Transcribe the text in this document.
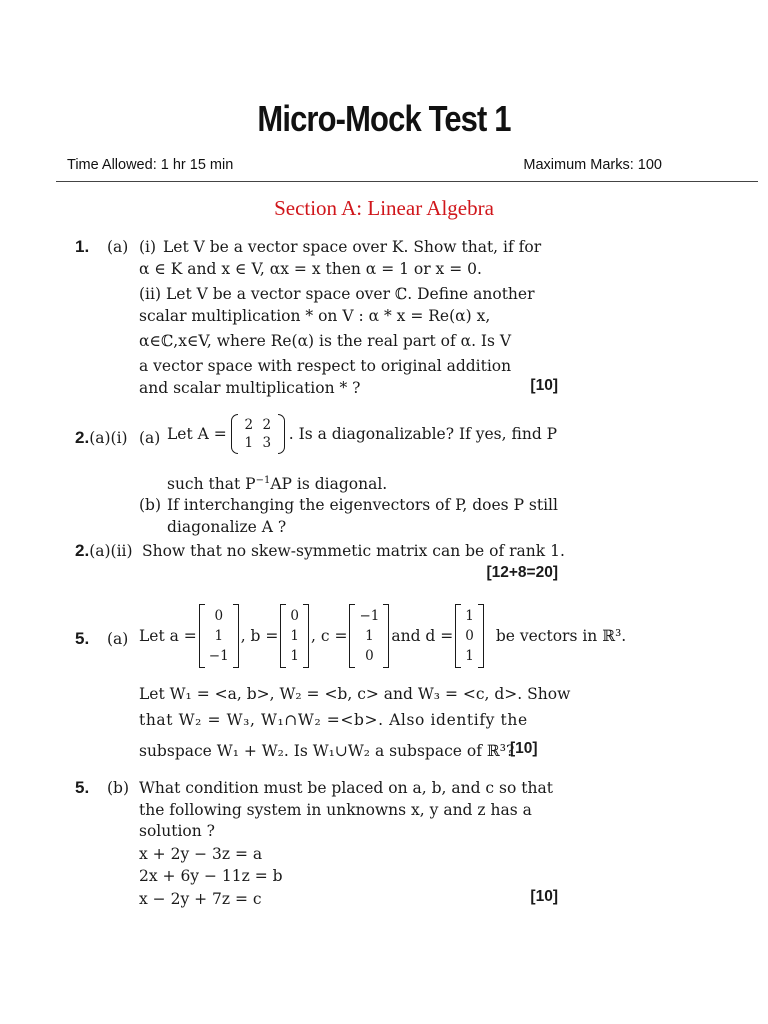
Micro-Mock Test 1
Time Allowed: 1 hr 15 min	Maximum Marks: 100
Section A: Linear Algebra
1. (a) (i) Let V be a vector space over K. Show that, if for
α ∈ K and x ∈ V, αx = x then α = 1 or x = 0.
(ii) Let V be a vector space over ℂ. Define another
scalar multiplication * on V : α * x = Re(α) x,
α∈ℂ,x∈V, where Re(α) is the real part of α. Is V
a vector space with respect to original addition
and scalar multiplication * ?	[10]
2.(a)(i) (a) Let A =	2 2
1 3	. Is a diagonalizable? If yes, find P
such that $P^{-1}AP$ is diagonal.
(b) If interchanging the eigenvectors of P, does P still
diagonalize A ?
2.(a)(ii) Show that no skew-symmetic matrix can be of rank 1.
[12+8=20]
5. (a) Let a =
0
1
−1
, b =
0
1
1
, c =
−1
1
0
and d =
1
0
1
be vectors in ℝ³.
Let W₁ = <a, b>, W₂ = <b, c> and W₃ = <c, d>. Show
that W₂ = W₃, W₁∩W₂ =<b>. Also identify the
subspace W₁ + W₂. Is W₁∪W₂ a subspace of ℝ³?
[10]
5. (b) What condition must be placed on a, b, and c so that
the following system in unknowns x, y and z has a
solution ?
x + 2y − 3z = a
2x + 6y − 11z = b
x − 2y + 7z = c	[10]
